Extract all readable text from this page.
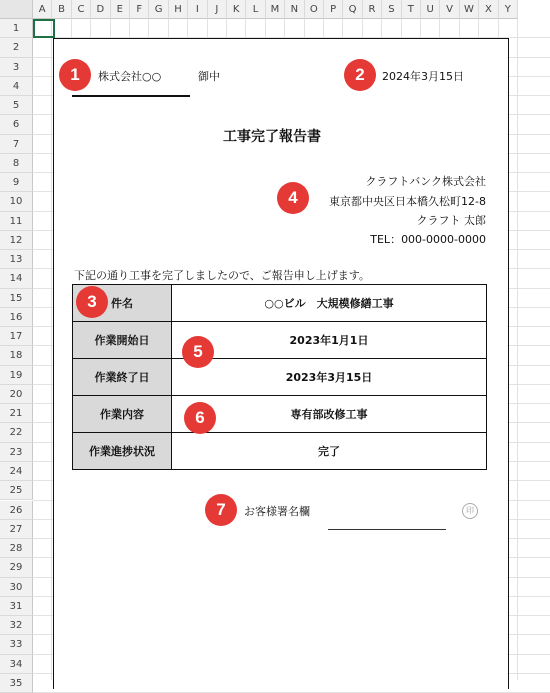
A	B	C	D	E	F	G	H	I	J	K	L	M	N	O	P	Q	R	S	T	U	V	W	X	Y
1
2
3
4
5
6
7
8
9
10
11
12
13
14
15
16
17
18
19
20
21
22
23
24
25
26
27
28
29
30
31
32
33
34
35
株式会社○○	御中	2024年3月15日
工事完了報告書
クラフトバンク株式会社
東京都中央区日本橋久松町12-8
クラフト 太郎
TEL：000-0000-0000
下記の通り工事を完了しましたので、ご報告申し上げます。
件名	○○ビル　大規模修繕工事
作業開始日	2023年1月1日
作業終了日	2023年3月15日
作業内容	専有部改修工事
作業進捗状況	完了
お客様署名欄	印
1	2
3
4
5
6
7
